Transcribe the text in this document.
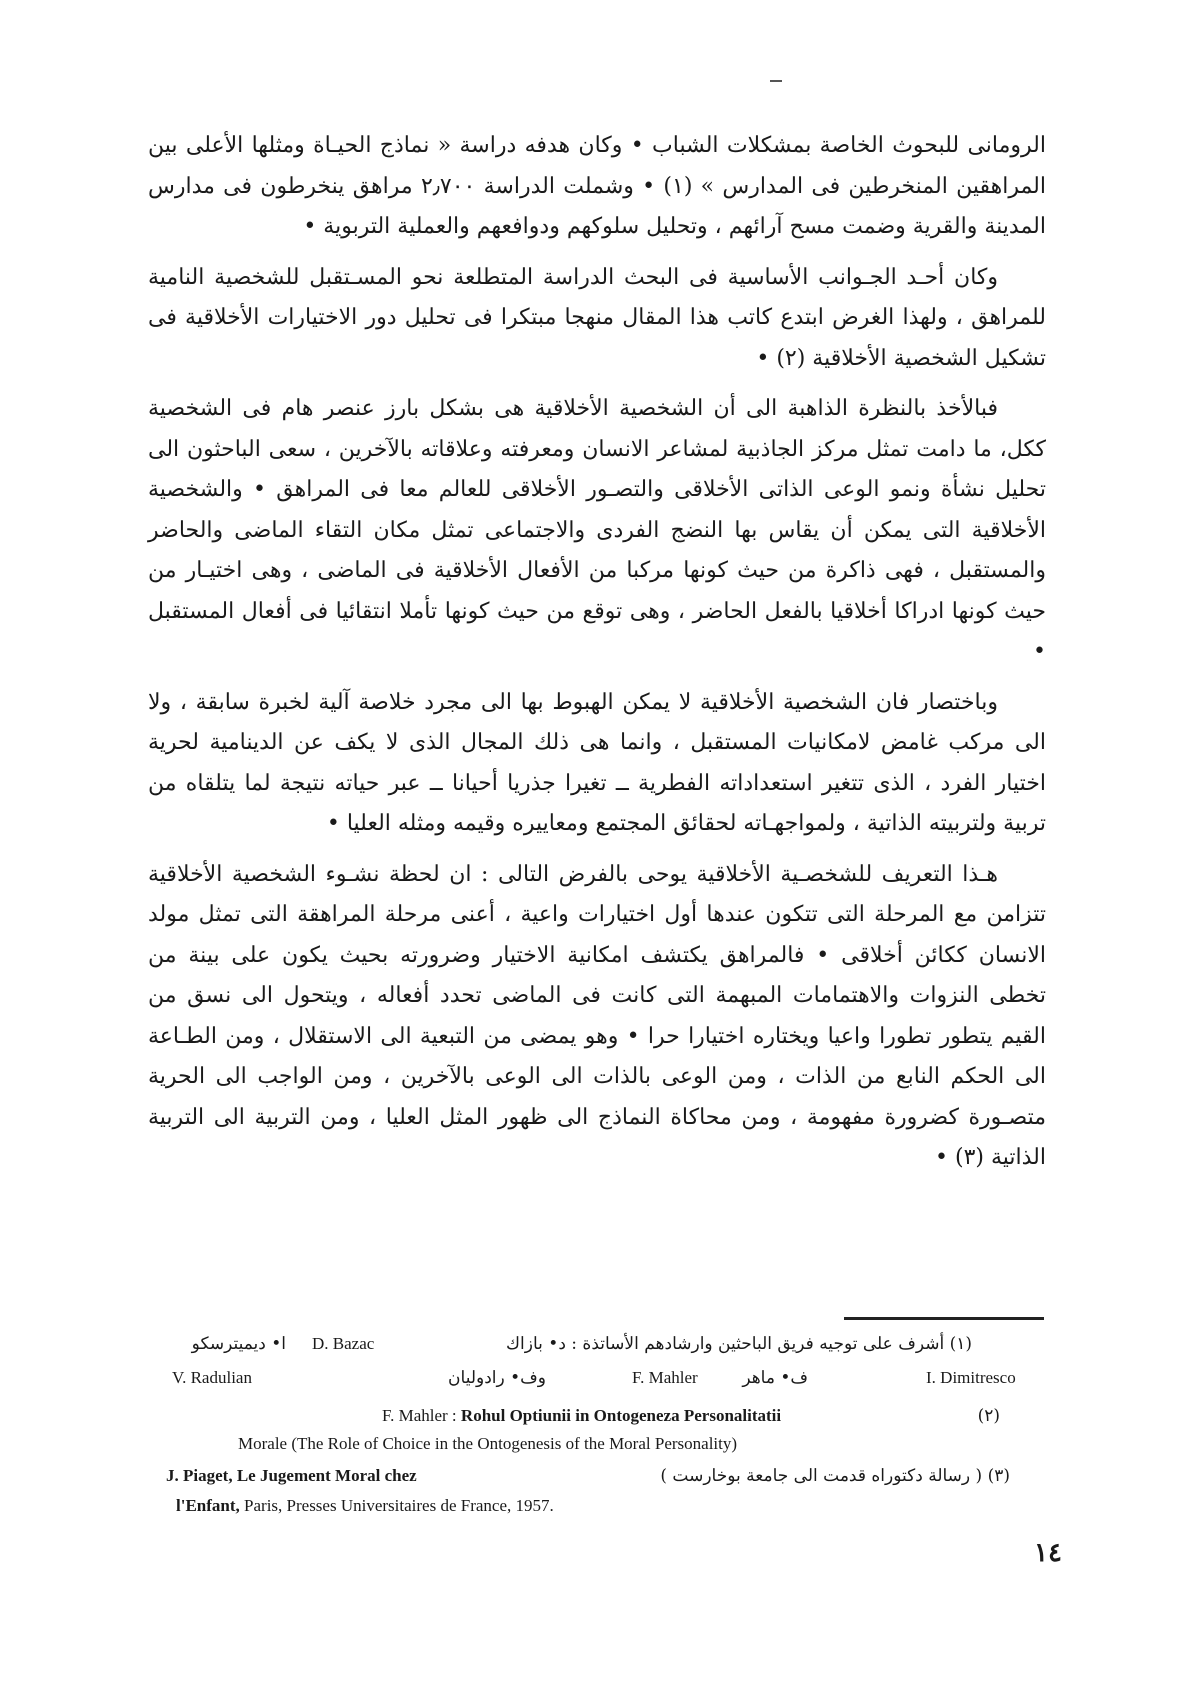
الرومانى للبحوث الخاصة بمشكلات الشباب • وكان هدفه دراسة « نماذج الحيـاة ومثلها الأعلى بين المراهقين المنخرطين فى المدارس » (١) • وشملت الدراسة ٢٫٧٠٠ مراهق ينخرطون فى مدارس المدينة والقرية وضمت مسح آرائهم ، وتحليل سلوكهم ودوافعهم والعملية التربوية •

وكان أحـد الجـوانب الأساسية فى البحث الدراسة المتطلعة نحو المسـتقبل للشخصية النامية للمراهق ، ولهذا الغرض ابتدع كاتب هذا المقال منهجا مبتكرا فى تحليل دور الاختيارات الأخلاقية فى تشكيل الشخصية الأخلاقية (٢) •

فبالأخذ بالنظرة الذاهبة الى أن الشخصية الأخلاقية هى بشكل بارز عنصر هام فى الشخصية ككل، ما دامت تمثل مركز الجاذبية لمشاعر الانسان ومعرفته وعلاقاته بالآخرين ، سعى الباحثون الى تحليل نشأة ونمو الوعى الذاتى الأخلاقى والتصـور الأخلاقى للعالم معا فى المراهق • والشخصية الأخلاقية التى يمكن أن يقاس بها النضج الفردى والاجتماعى تمثل مكان التقاء الماضى والحاضر والمستقبل ، فهى ذاكرة من حيث كونها مركبا من الأفعال الأخلاقية فى الماضى ، وهى اختيـار من حيث كونها ادراكا أخلاقيا بالفعل الحاضر ، وهى توقع من حيث كونها تأملا انتقائيا فى أفعال المستقبل •

وباختصار فان الشخصية الأخلاقية لا يمكن الهبوط بها الى مجرد خلاصة آلية لخبرة سابقة ، ولا الى مركب غامض لامكانيات المستقبل ، وانما هى ذلك المجال الذى لا يكف عن الدينامية لحرية اختيار الفرد ، الذى تتغير استعداداته الفطرية ــ تغيرا جذريا أحيانا ــ عبر حياته نتيجة لما يتلقاه من تربية ولتربيته الذاتية ، ولمواجهـاته لحقائق المجتمع ومعاييره وقيمه ومثله العليا •

هـذا التعريف للشخصـية الأخلاقية يوحى بالفرض التالى : ان لحظة نشـوء الشخصية الأخلاقية تتزامن مع المرحلة التى تتكون عندها أول اختيارات واعية ، أعنى مرحلة المراهقة التى تمثل مولد الانسان ككائن أخلاقى • فالمراهق يكتشف امكانية الاختيار وضرورته بحيث يكون على بينة من تخطى النزوات والاهتمامات المبهمة التى كانت فى الماضى تحدد أفعاله ، ويتحول الى نسق من القيم يتطور تطورا واعيا ويختاره اختيارا حرا • وهو يمضى من التبعية الى الاستقلال ، ومن الطـاعة الى الحكم النابع من الذات ، ومن الوعى بالذات الى الوعى بالآخرين ، ومن الواجب الى الحرية متصـورة كضرورة مفهومة ، ومن محاكاة النماذج الى ظهور المثل العليا ، ومن التربية الى التربية الذاتية (٣) •

(١) أشرف على توجيه فريق الباحثين وارشادهم الأساتذة : د• بازاك
D. Bazac
ا• ديميترسكو
V. Radulian	وف• رادوليان	F. Mahler	ف• ماهر	I. Dimitresco
F. Mahler : Rohul Optiunii in Ontogeneza Personalitatii	(٢)
Morale (The Role of Choice in the Ontogenesis of the Moral Personality)
J. Piaget, Le Jugement Moral chez	(٣) ( رسالة دكتوراه قدمت الى جامعة بوخارست )
l'Enfant, Paris, Presses Universitaires de France, 1957.
١٤
